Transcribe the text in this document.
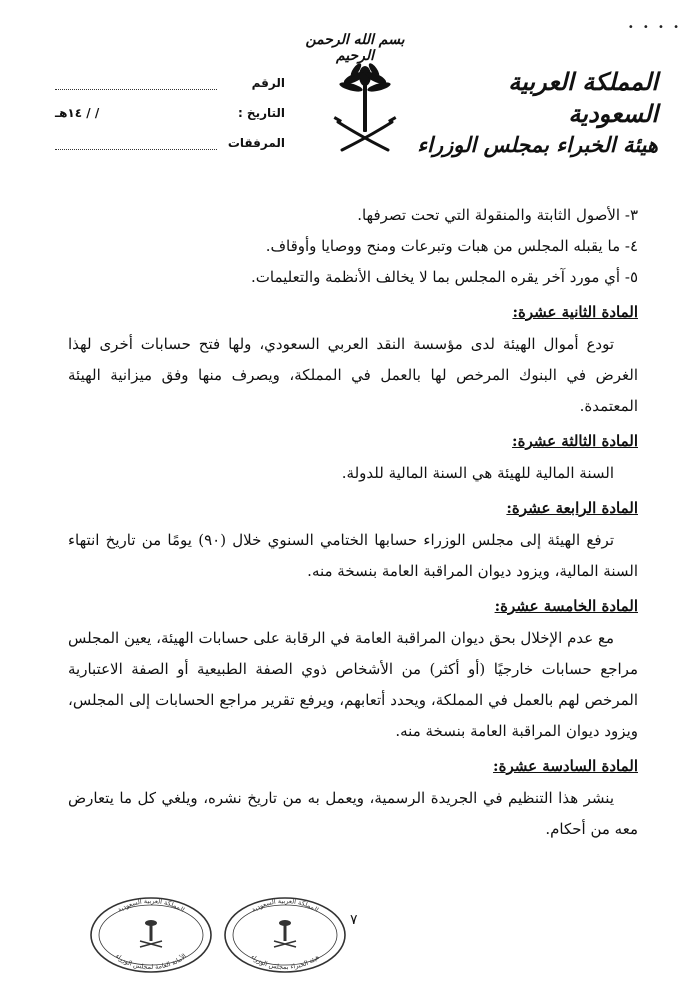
• • • •
بسم الله الرحمن الرحيم
المملكة العربية السعودية
هيئة الخبراء بمجلس الوزراء
الرقم
التاريخ :
/ / ١٤هـ
المرفقات

٣- الأصول الثابتة والمنقولة التي تحت تصرفها.

٤- ما يقبله المجلس من هبات وتبرعات ومنح ووصايا وأوقاف.

٥- أي مورد آخر يقره المجلس بما لا يخالف الأنظمة والتعليمات.

المادة الثانية عشرة:

تودع أموال الهيئة لدى مؤسسة النقد العربي السعودي، ولها فتح حسابات أخرى لهذا الغرض في البنوك المرخص لها بالعمل في المملكة، ويصرف منها وفق ميزانية الهيئة المعتمدة.

المادة الثالثة عشرة:

السنة المالية للهيئة هي السنة المالية للدولة.

المادة الرابعة عشرة:

ترفع الهيئة إلى مجلس الوزراء حسابها الختامي السنوي خلال (٩٠) يومًا من تاريخ انتهاء السنة المالية، ويزود ديوان المراقبة العامة بنسخة منه.

المادة الخامسة عشرة:

مع عدم الإخلال بحق ديوان المراقبة العامة في الرقابة على حسابات الهيئة، يعين المجلس مراجع حسابات خارجيًا (أو أكثر) من الأشخاص ذوي الصفة الطبيعية أو الصفة الاعتبارية المرخص لهم بالعمل في المملكة، ويحدد أتعابهم، ويرفع تقرير مراجع الحسابات إلى المجلس، ويزود ديوان المراقبة العامة بنسخة منه.

المادة السادسة عشرة:

ينشر هذا التنظيم في الجريدة الرسمية، ويعمل به من تاريخ نشره، ويلغي كل ما يتعارض معه من أحكام.

٧
المملكة العربية السعودية
الأمانة العامة لمجلس الوزراء
المملكة العربية السعودية
هيئة الخبراء بمجلس الوزراء
